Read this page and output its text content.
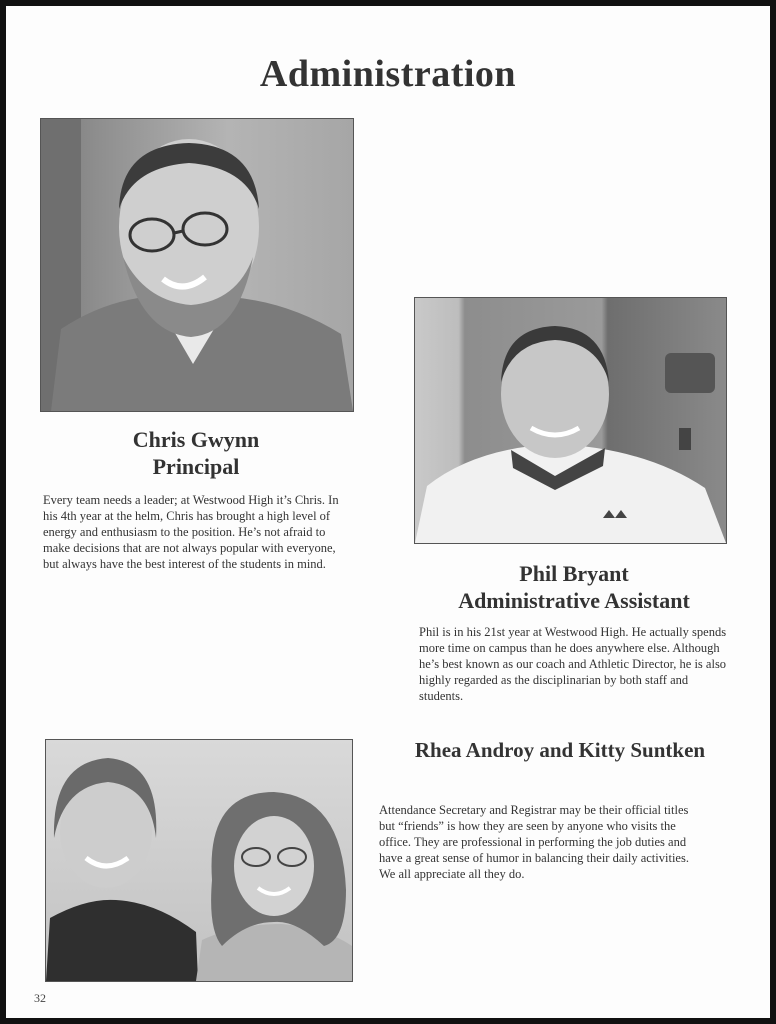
Administration
Chris Gwynn
Principal
Every team needs a leader; at Westwood High it’s Chris. In his 4th year at the helm, Chris has brought a high level of energy and enthusiasm to the position. He’s not afraid to make decisions that are not always popular with everyone, but always have the best interest of the students in mind.	Phil Bryant
Administrative Assistant
Phil is in his 21st year at Westwood High. He actually spends more time on campus than he does anywhere else. Although he’s best known as our coach and Athletic Director, he is also highly regarded as the disciplinarian by both staff and students.
Rhea Androy and Kitty Suntken
Attendance Secretary and Registrar may be their official titles but “friends” is how they are seen by anyone who visits the office. They are professional in performing the job duties and have a great sense of humor in balancing their daily activities. We all appreciate all they do.
32
